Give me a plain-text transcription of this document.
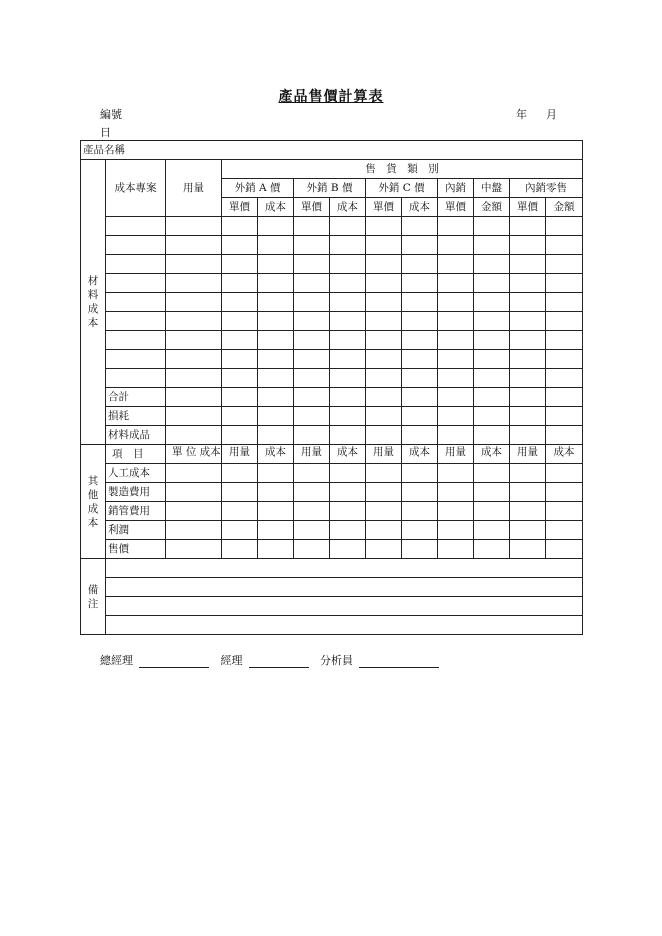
產品售價計算表
編號	年 月
日
產品名稱												
材料成本	成本專案	用量	售　貨　類　別									
			外銷 A 價		外銷 B 價		外銷 C 價		內銷	中盤	內銷零售	
			單價	成本	單價	成本	單價	成本	單價	金額	單價	金額

	合計											
	損耗											
	材料成品											
其他成本	項　目	單 位 成本	用量	成本	用量	成本	用量	成本	用量	成本	用量	成本
	人工成本											
	製造費用											
	銷管費用											
	利潤											
	售價											
備注												

總經理	經理	分析員
